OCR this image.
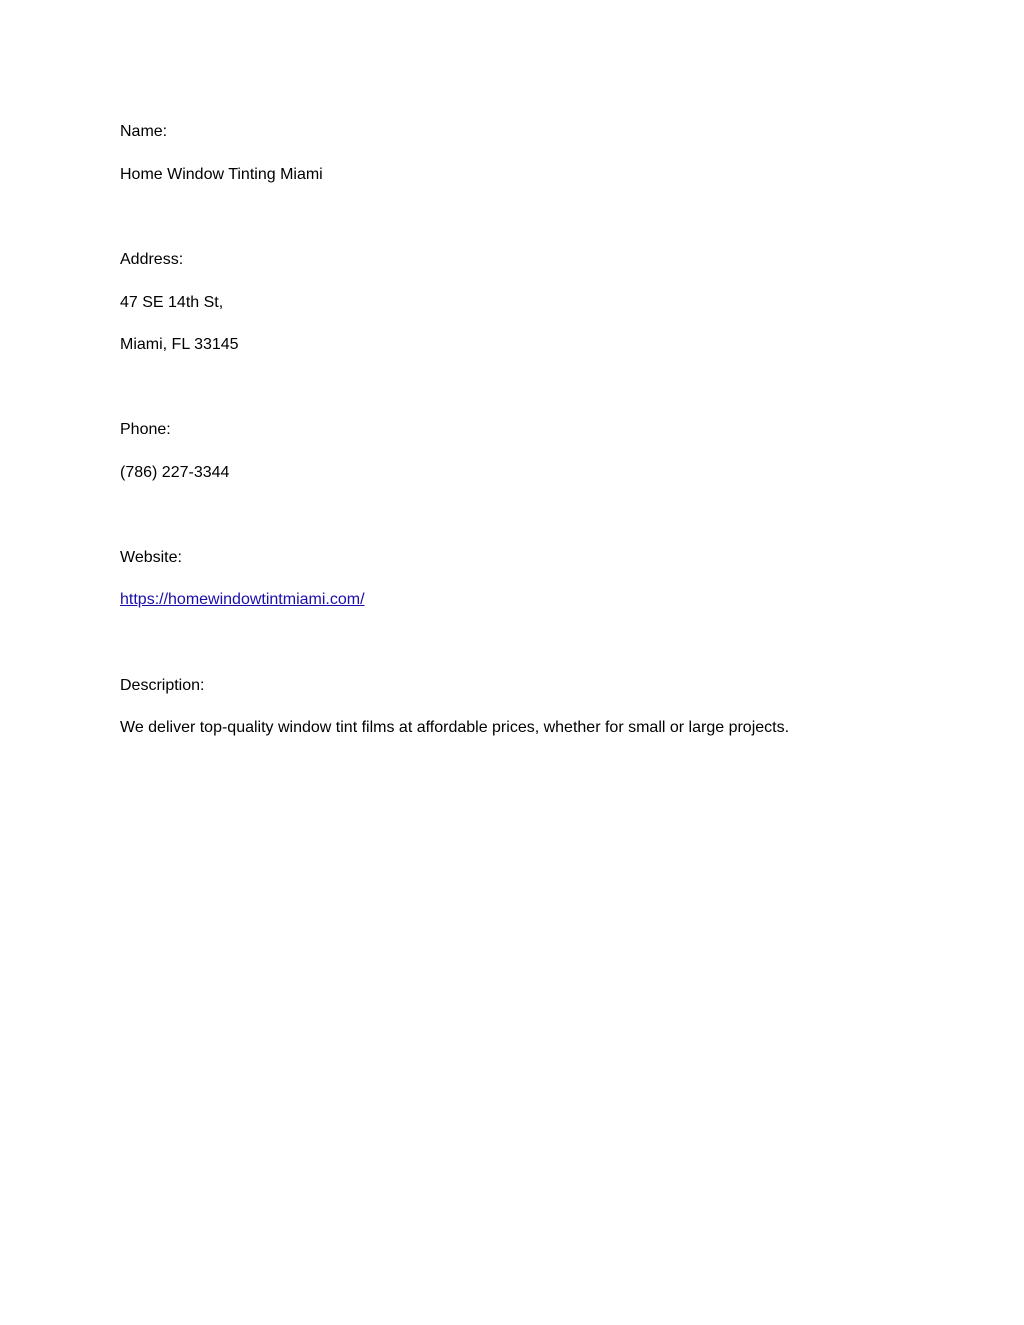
Name:
Home Window Tinting Miami
Address:
47 SE 14th St,
Miami, FL 33145
Phone:
(786) 227-3344
Website:
https://homewindowtintmiami.com/
Description:
We deliver top-quality window tint films at affordable prices, whether for small or large projects.
